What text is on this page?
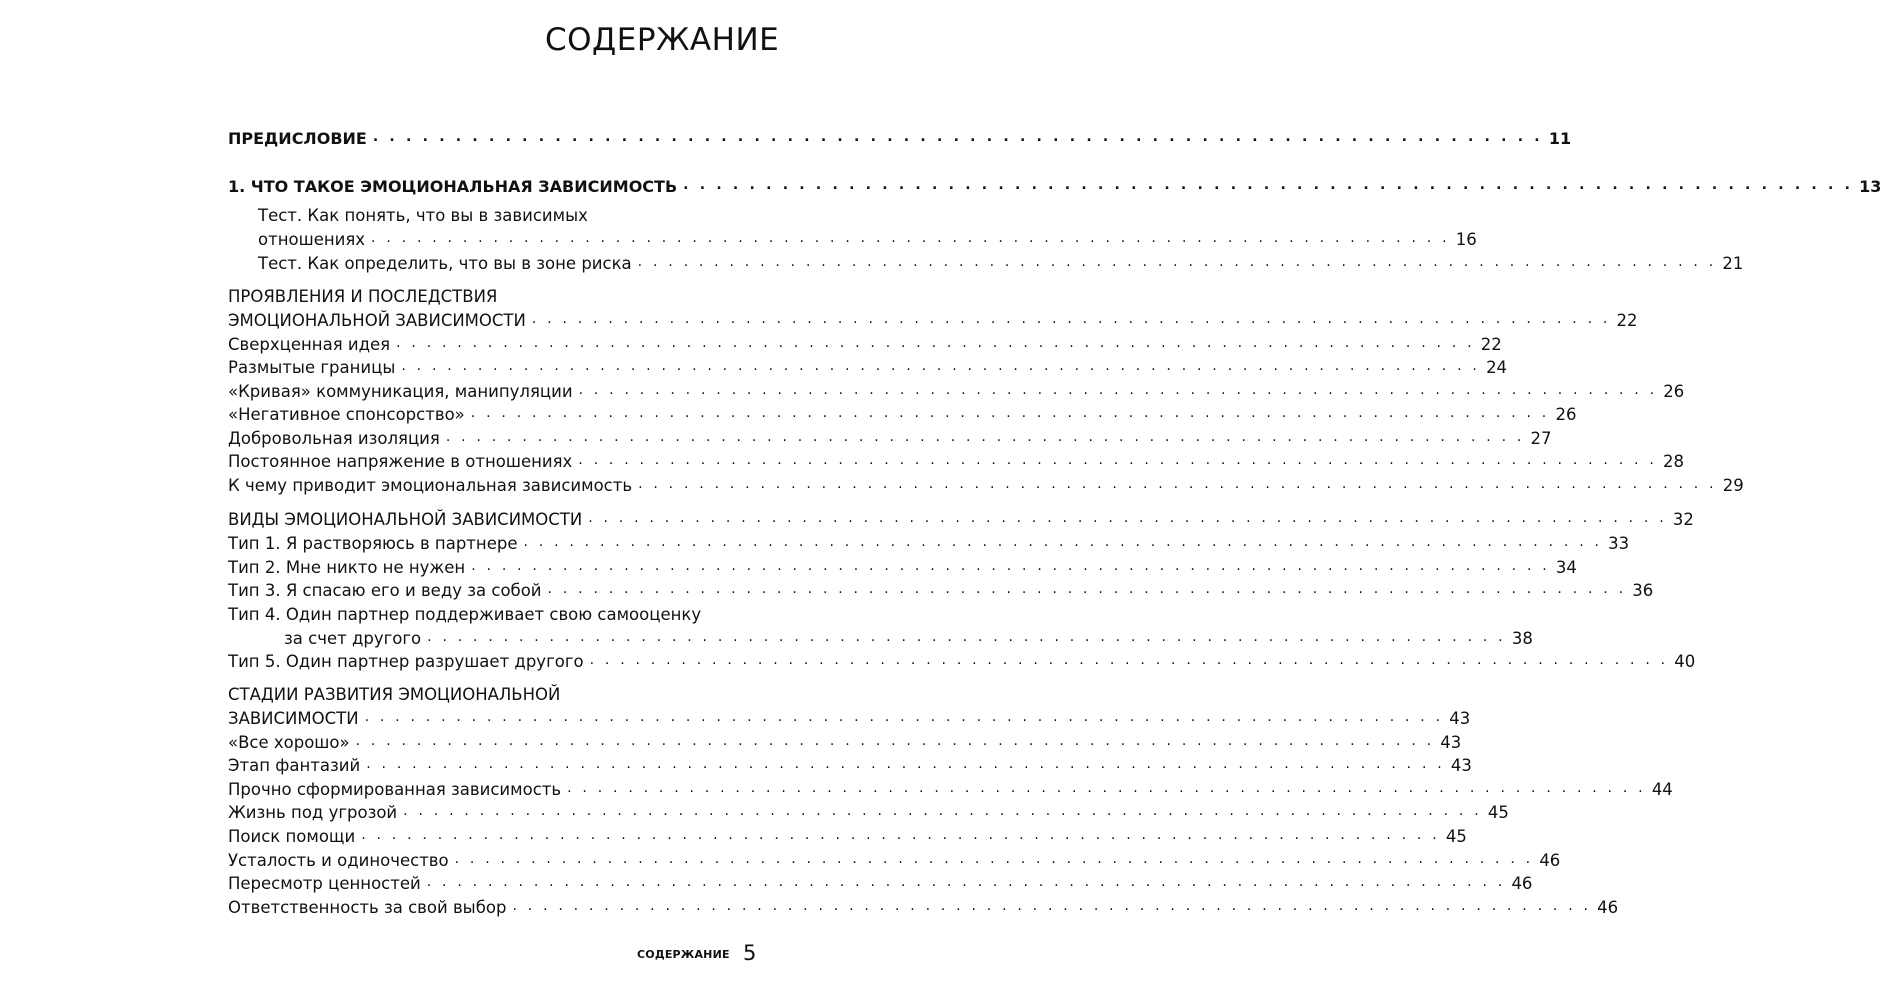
СОДЕРЖАНИЕ
ПРЕДИСЛОВИЕ . . . . . . . . . . . . . . . . . . . . . . . . . . . . . . . . . . . . . . . . . . . . . . . . . . . . . . . . . . . . . . . . . . . . . . . 11
1. ЧТО ТАКОЕ ЭМОЦИОНАЛЬНАЯ ЗАВИСИМОСТЬ . . . . . . . . . . . . . . . . . . . . . . . . . . . . . . . . . . . . . . . . . . . . . . . . . . . . . . . . . . . . . . . . . . . . . . . 13
Тест. Как понять, что вы в зависимых
отношениях . . . . . . . . . . . . . . . . . . . . . . . . . . . . . . . . . . . . . . . . . . . . . . . . . . . . . . . . . . . . . . . . . . . . . . . 16
Тест. Как определить, что вы в зоне риска . . . . . . . . . . . . . . . . . . . . . . . . . . . . . . . . . . . . . . . . . . . . . . . . . . . . . . . . . . . . . . . . . . . . . . . 21
ПРОЯВЛЕНИЯ И ПОСЛЕДСТВИЯ
ЭМОЦИОНАЛЬНОЙ ЗАВИСИМОСТИ . . . . . . . . . . . . . . . . . . . . . . . . . . . . . . . . . . . . . . . . . . . . . . . . . . . . . . . . . . . . . . . . . . . . . . . 22
Сверхценная идея . . . . . . . . . . . . . . . . . . . . . . . . . . . . . . . . . . . . . . . . . . . . . . . . . . . . . . . . . . . . . . . . . . . . . . . 22
Размытые границы . . . . . . . . . . . . . . . . . . . . . . . . . . . . . . . . . . . . . . . . . . . . . . . . . . . . . . . . . . . . . . . . . . . . . . . 24
«Кривая» коммуникация, манипуляции . . . . . . . . . . . . . . . . . . . . . . . . . . . . . . . . . . . . . . . . . . . . . . . . . . . . . . . . . . . . . . . . . . . . . . . 26
«Негативное спонсорство» . . . . . . . . . . . . . . . . . . . . . . . . . . . . . . . . . . . . . . . . . . . . . . . . . . . . . . . . . . . . . . . . . . . . . . . 26
Добровольная изоляция . . . . . . . . . . . . . . . . . . . . . . . . . . . . . . . . . . . . . . . . . . . . . . . . . . . . . . . . . . . . . . . . . . . . . . . 27
Постоянное напряжение в отношениях . . . . . . . . . . . . . . . . . . . . . . . . . . . . . . . . . . . . . . . . . . . . . . . . . . . . . . . . . . . . . . . . . . . . . . . 28
К чему приводит эмоциональная зависимость . . . . . . . . . . . . . . . . . . . . . . . . . . . . . . . . . . . . . . . . . . . . . . . . . . . . . . . . . . . . . . . . . . . . . . . 29
ВИДЫ ЭМОЦИОНАЛЬНОЙ ЗАВИСИМОСТИ . . . . . . . . . . . . . . . . . . . . . . . . . . . . . . . . . . . . . . . . . . . . . . . . . . . . . . . . . . . . . . . . . . . . . . . 32
Тип 1. Я растворяюсь в партнере . . . . . . . . . . . . . . . . . . . . . . . . . . . . . . . . . . . . . . . . . . . . . . . . . . . . . . . . . . . . . . . . . . . . . . . 33
Тип 2. Мне никто не нужен . . . . . . . . . . . . . . . . . . . . . . . . . . . . . . . . . . . . . . . . . . . . . . . . . . . . . . . . . . . . . . . . . . . . . . . 34
Тип 3. Я спасаю его и веду за собой . . . . . . . . . . . . . . . . . . . . . . . . . . . . . . . . . . . . . . . . . . . . . . . . . . . . . . . . . . . . . . . . . . . . . . . 36
Тип 4. Один партнер поддерживает свою самооценку
за счет другого . . . . . . . . . . . . . . . . . . . . . . . . . . . . . . . . . . . . . . . . . . . . . . . . . . . . . . . . . . . . . . . . . . . . . . . 38
Тип 5. Один партнер разрушает другого . . . . . . . . . . . . . . . . . . . . . . . . . . . . . . . . . . . . . . . . . . . . . . . . . . . . . . . . . . . . . . . . . . . . . . . 40
СТАДИИ РАЗВИТИЯ ЭМОЦИОНАЛЬНОЙ
ЗАВИСИМОСТИ . . . . . . . . . . . . . . . . . . . . . . . . . . . . . . . . . . . . . . . . . . . . . . . . . . . . . . . . . . . . . . . . . . . . . . . 43
«Все хорошо» . . . . . . . . . . . . . . . . . . . . . . . . . . . . . . . . . . . . . . . . . . . . . . . . . . . . . . . . . . . . . . . . . . . . . . . 43
Этап фантазий . . . . . . . . . . . . . . . . . . . . . . . . . . . . . . . . . . . . . . . . . . . . . . . . . . . . . . . . . . . . . . . . . . . . . . . 43
Прочно сформированная зависимость . . . . . . . . . . . . . . . . . . . . . . . . . . . . . . . . . . . . . . . . . . . . . . . . . . . . . . . . . . . . . . . . . . . . . . . 44
Жизнь под угрозой . . . . . . . . . . . . . . . . . . . . . . . . . . . . . . . . . . . . . . . . . . . . . . . . . . . . . . . . . . . . . . . . . . . . . . . 45
Поиск помощи . . . . . . . . . . . . . . . . . . . . . . . . . . . . . . . . . . . . . . . . . . . . . . . . . . . . . . . . . . . . . . . . . . . . . . . 45
Усталость и одиночество . . . . . . . . . . . . . . . . . . . . . . . . . . . . . . . . . . . . . . . . . . . . . . . . . . . . . . . . . . . . . . . . . . . . . . . 46
Пересмотр ценностей . . . . . . . . . . . . . . . . . . . . . . . . . . . . . . . . . . . . . . . . . . . . . . . . . . . . . . . . . . . . . . . . . . . . . . . 46
Ответственность за свой выбор . . . . . . . . . . . . . . . . . . . . . . . . . . . . . . . . . . . . . . . . . . . . . . . . . . . . . . . . . . . . . . . . . . . . . . . 46
СОДЕРЖАНИЕ 5
